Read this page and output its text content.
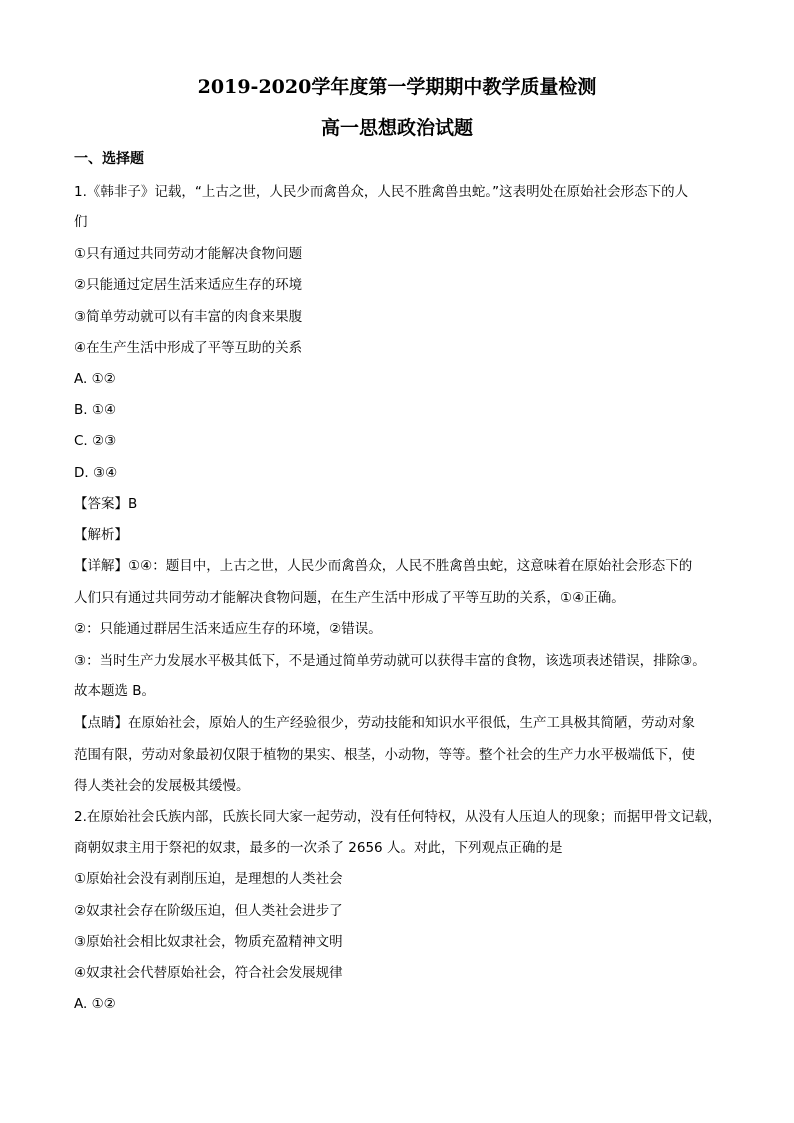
2019-2020学年度第一学期期中教学质量检测
高一思想政治试题
一、选择题
1.《韩非子》记载，“上古之世，人民少而禽兽众，人民不胜禽兽虫蛇。”这表明处在原始社会形态下的人
们
①只有通过共同劳动才能解决食物问题
②只能通过定居生活来适应生存的环境
③简单劳动就可以有丰富的肉食来果腹
④在生产生活中形成了平等互助的关系
A. ①②
B. ①④
C. ②③
D. ③④
【答案】B
【解析】
【详解】①④：题目中，上古之世，人民少而禽兽众，人民不胜禽兽虫蛇，这意味着在原始社会形态下的
人们只有通过共同劳动才能解决食物问题，在生产生活中形成了平等互助的关系，①④正确。
②：只能通过群居生活来适应生存的环境，②错误。
③：当时生产力发展水平极其低下，不是通过简单劳动就可以获得丰富的食物，该选项表述错误，排除③。
故本题选 B。
【点睛】在原始社会，原始人的生产经验很少，劳动技能和知识水平很低，生产工具极其简陋，劳动对象
范围有限，劳动对象最初仅限于植物的果实、根茎，小动物，等等。整个社会的生产力水平极端低下，使
得人类社会的发展极其缓慢。
2.在原始社会氏族内部，氏族长同大家一起劳动，没有任何特权，从没有人压迫人的现象；而据甲骨文记载，
商朝奴隶主用于祭祀的奴隶，最多的一次杀了 2656 人。对此，下列观点正确的是
①原始社会没有剥削压迫，是理想的人类社会
②奴隶社会存在阶级压迫，但人类社会进步了
③原始社会相比奴隶社会，物质充盈精神文明
④奴隶社会代替原始社会，符合社会发展规律
A. ①②
